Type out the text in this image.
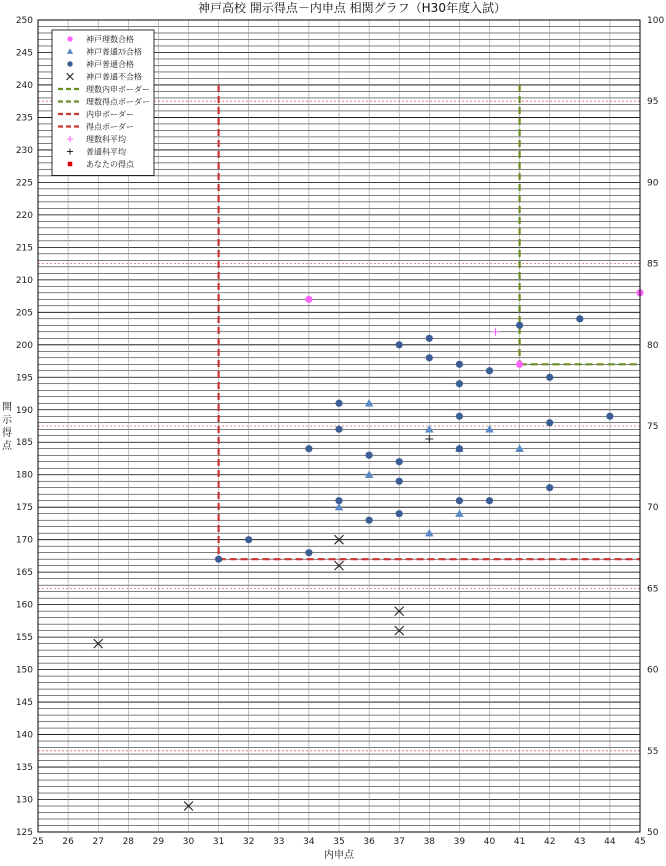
神戸高校 開示得点－内申点 相関グラフ（H30年度入試）
125
130
135
140
145
150
155
160
165
170
175
180
185
190
195
200
205
210
215
220
225
230
235
240
245
250
50
55
60
65
70
75
80
85
90
95
100
25 26 27 28 29 30 31 32 33 34 35 36 37 38 39 40 41 42 43 44 45
内申点
開
示
得
点
神戸理数合格
神戸普通ｽﾗ合格
神戸普通合格
神戸普通不合格
理数内申ボーダー
理数得点ボーダー
内申ボーダー
得点ボーダー
理数科平均
普通科平均
あなたの得点
